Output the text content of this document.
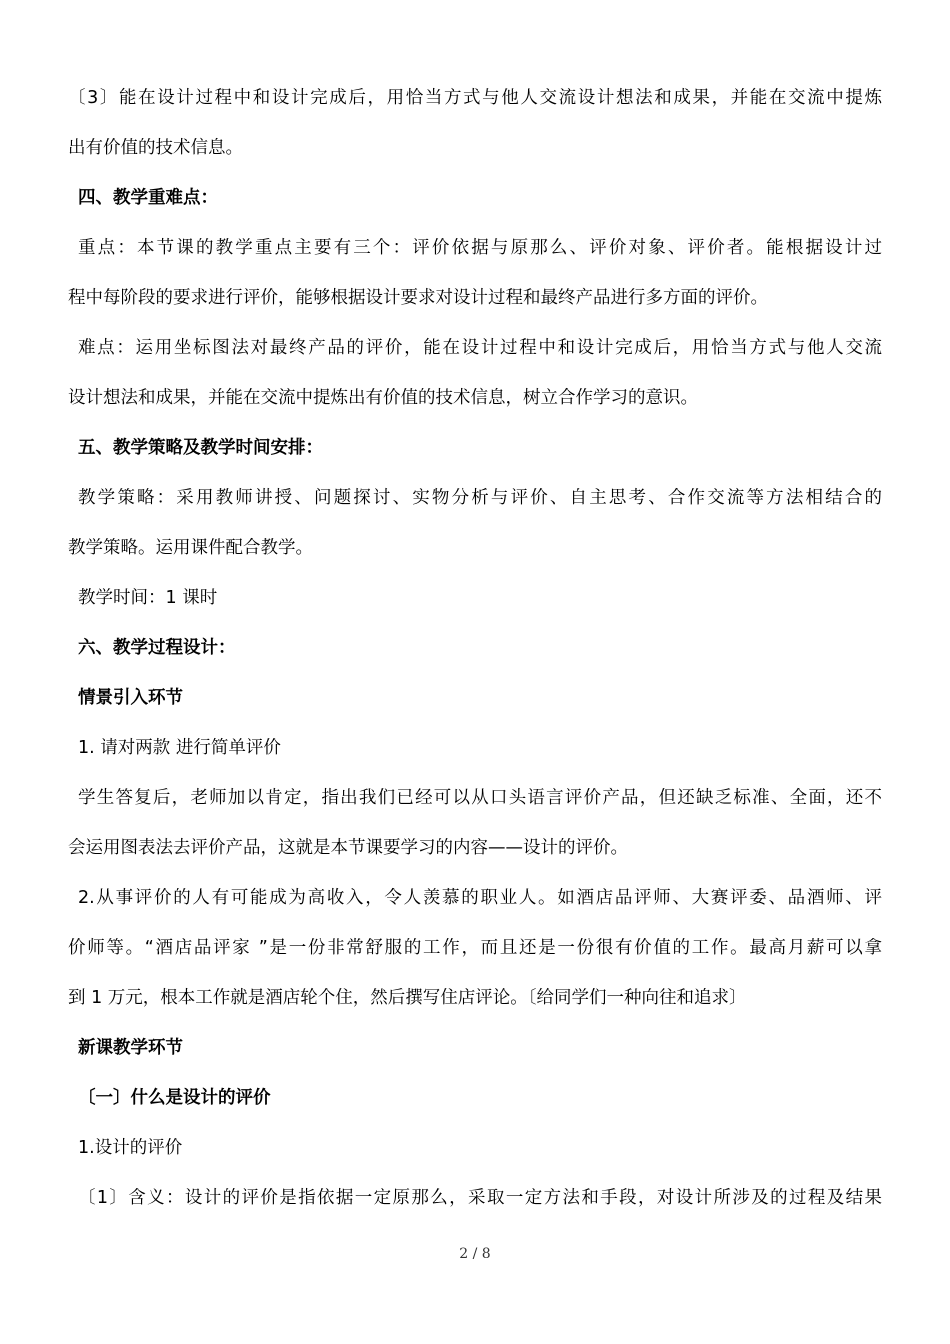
〔3〕能在设计过程中和设计完成后，用恰当方式与他人交流设计想法和成果，并能在交流中提炼
出有价值的技术信息。
四、教学重难点：
重点：本节课的教学重点主要有三个：评价依据与原那么、评价对象、评价者。能根据设计过
程中每阶段的要求进行评价，能够根据设计要求对设计过程和最终产品进行多方面的评价。
难点：运用坐标图法对最终产品的评价，能在设计过程中和设计完成后，用恰当方式与他人交流
设计想法和成果，并能在交流中提炼出有价值的技术信息，树立合作学习的意识。
五、教学策略及教学时间安排：
教学策略：采用教师讲授、问题探讨、实物分析与评价、自主思考、合作交流等方法相结合的
教学策略。运用课件配合教学。
教学时间：1 课时
六、教学过程设计：
情景引入环节
1. 请对两款 进行简单评价
学生答复后，老师加以肯定，指出我们已经可以从口头语言评价产品，但还缺乏标准、全面，还不
会运用图表法去评价产品，这就是本节课要学习的内容——设计的评价。
2.从事评价的人有可能成为高收入，令人羡慕的职业人。如酒店品评师、大赛评委、品酒师、评
价师等。“酒店品评家 ”是一份非常舒服的工作，而且还是一份很有价值的工作。最高月薪可以拿
到 1 万元，根本工作就是酒店轮个住，然后撰写住店评论。〔给同学们一种向往和追求〕
新课教学环节
〔一〕什么是设计的评价
1.设计的评价
〔1〕含义：设计的评价是指依据一定原那么，采取一定方法和手段，对设计所涉及的过程及结果
2 / 8
